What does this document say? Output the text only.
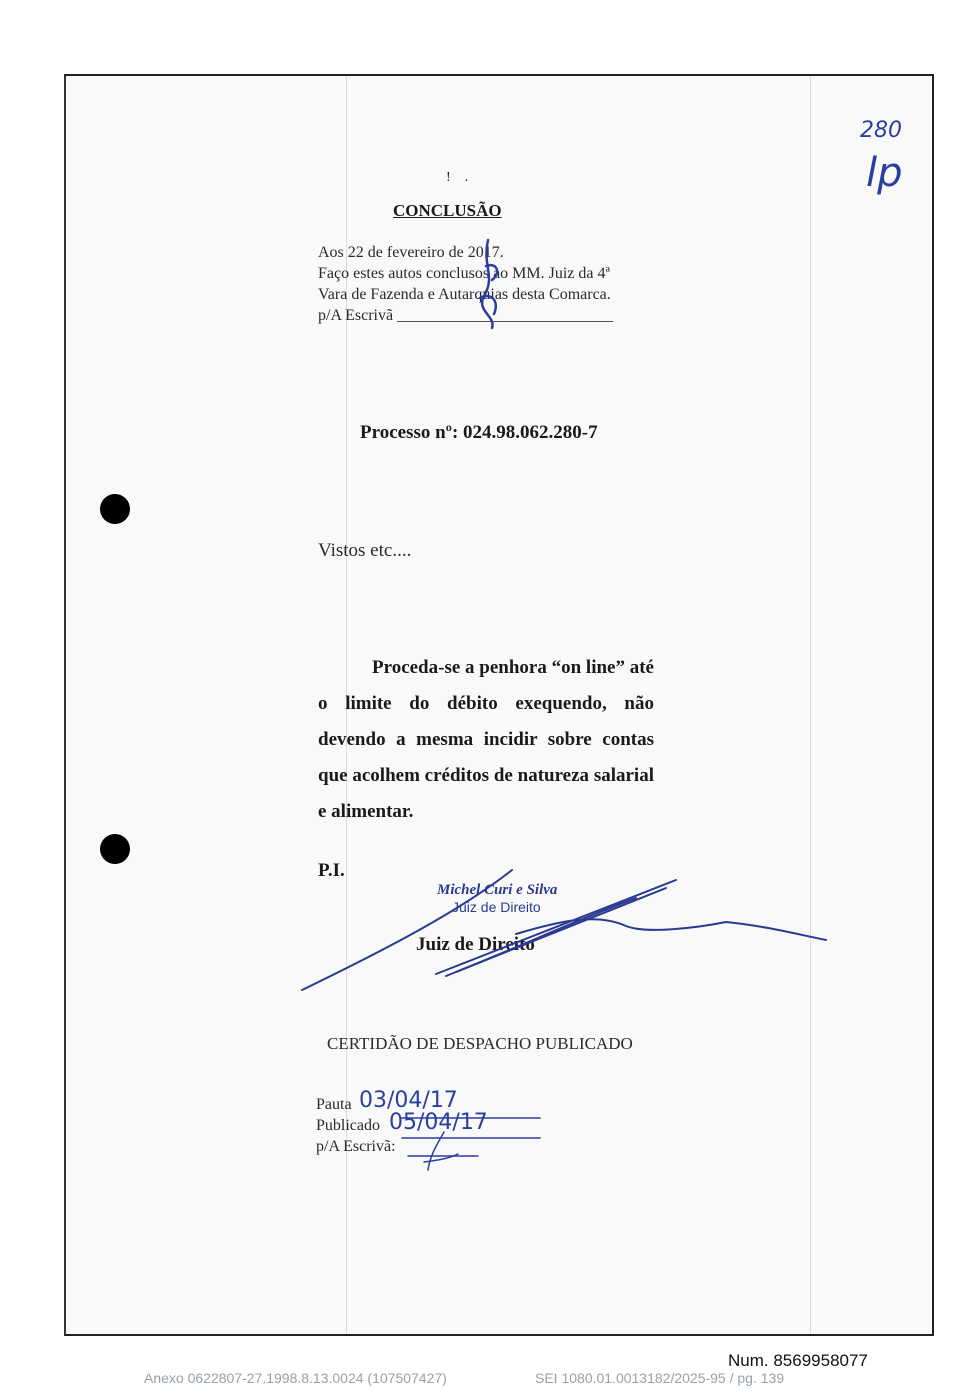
!    .
280
lp
CONCLUSÃO
Aos 22 de fevereiro de 2017.
Faço estes autos conclusos ao MM. Juiz da 4ª
Vara de Fazenda e Autarquias desta Comarca.
p/A Escrivã ___________________________
Processo nº: 024.98.062.280-7
Vistos etc....

Proceda-se a penhora “on line” até o limite do débito exequendo, não devendo a mesma incidir sobre contas que acolhem créditos de natureza salarial e alimentar.

P.I.
Michel Curi e Silva
Juiz de Direito
Juiz de Direito
CERTIDÃO DE DESPACHO PUBLICADO
Pauta 03/04/17
Publicado 05/04/17
p/A Escrivã:
Num. 8569958077
Anexo 0622807-27.1998.8.13.0024 (107507427)	SEI 1080.01.0013182/2025-95 / pg. 139
